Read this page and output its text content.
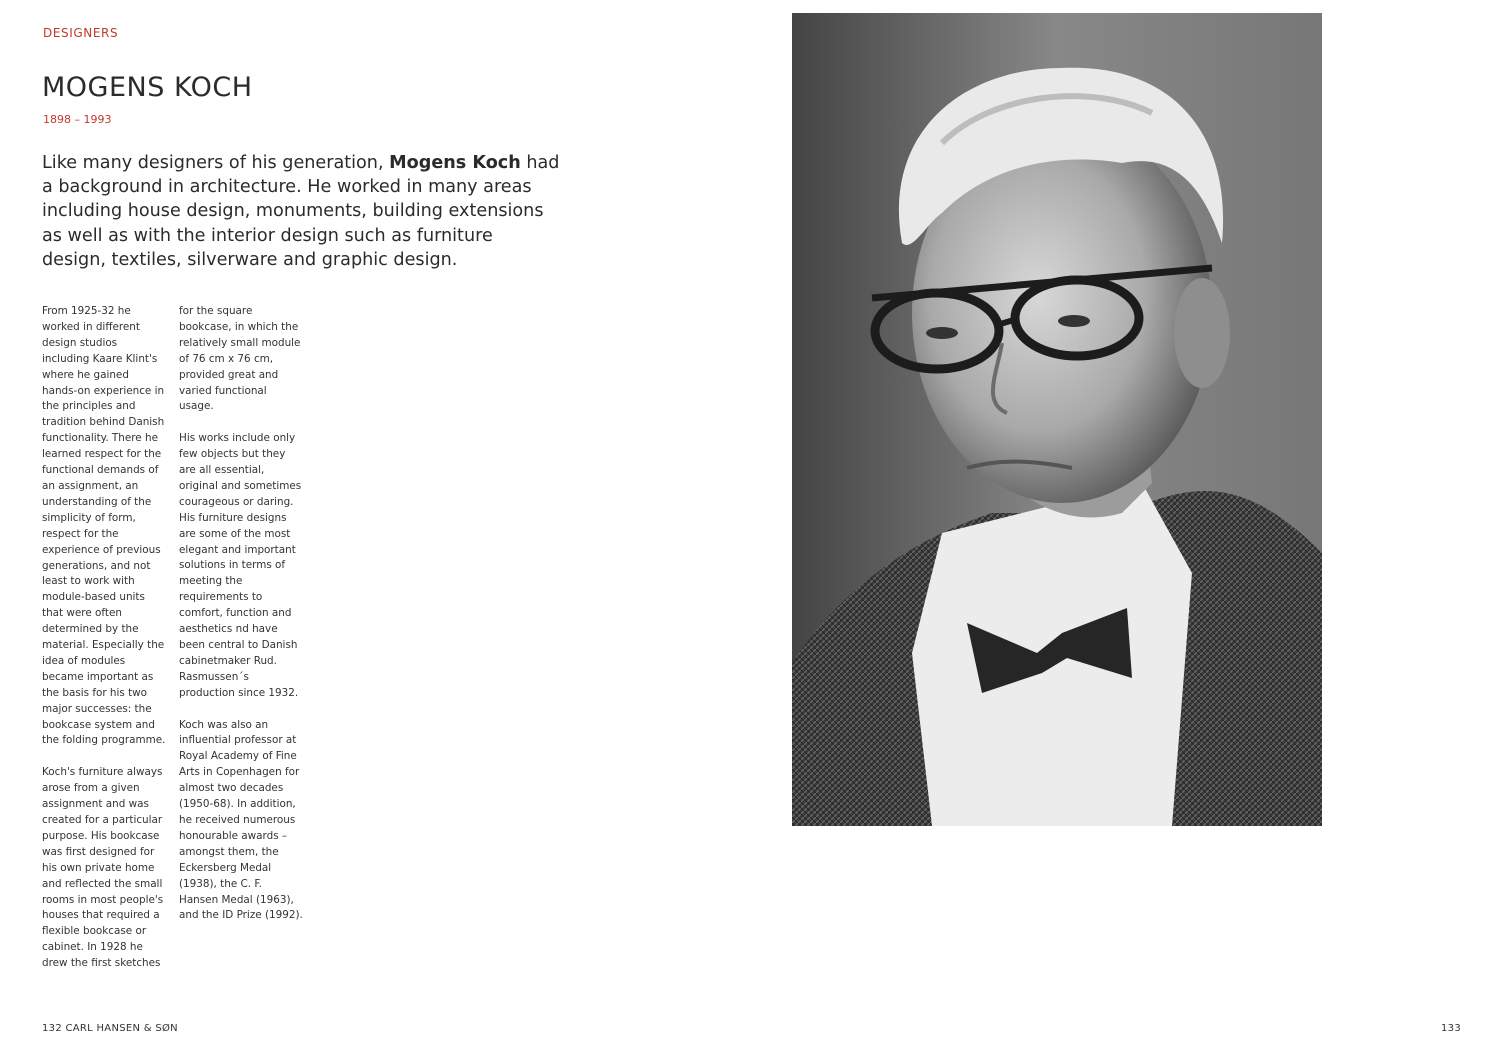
DESIGNERS
MOGENS KOCH
1898 – 1993

Like many designers of his generation, Mogens Koch had a background in architecture. He worked in many areas including house design, monuments, building extensions as well as with the interior design such as furniture design, textiles, silverware and graphic design.

From 1925-32 he worked in different design studios including Kaare Klint's where he gained hands-on experience in the principles and tradition behind Danish functionality. There he learned respect for the functional demands of an assignment, an understanding of the simplicity of form, respect for the experience of previous generations, and not least to work with module-based units that were often determined by the material. Especially the idea of modules became important as the basis for his two major successes: the bookcase system and the folding programme.

Koch's furniture always arose from a given assignment and was created for a particular purpose. His bookcase was first designed for his own private home and reflected the small rooms in most people's houses that required a flexible bookcase or cabinet. In 1928 he drew the first sketches

for the square bookcase, in which the relatively small module of 76 cm x 76 cm, provided great and varied functional usage.

His works include only few objects but they are all essential, original and sometimes courageous or daring. His furniture designs are some of the most elegant and important solutions in terms of meeting the requirements to comfort, function and aesthetics nd have been central to Danish cabinetmaker Rud. Rasmussen´s production since 1932.

Koch was also an influential professor at Royal Academy of Fine Arts in Copenhagen for almost two decades (1950-68). In addition, he received numerous honourable awards – amongst them, the Eckersberg Medal (1938), the C. F. Hansen Medal (1963), and the ID Prize (1992).

132 CARL HANSEN & SØN	133
